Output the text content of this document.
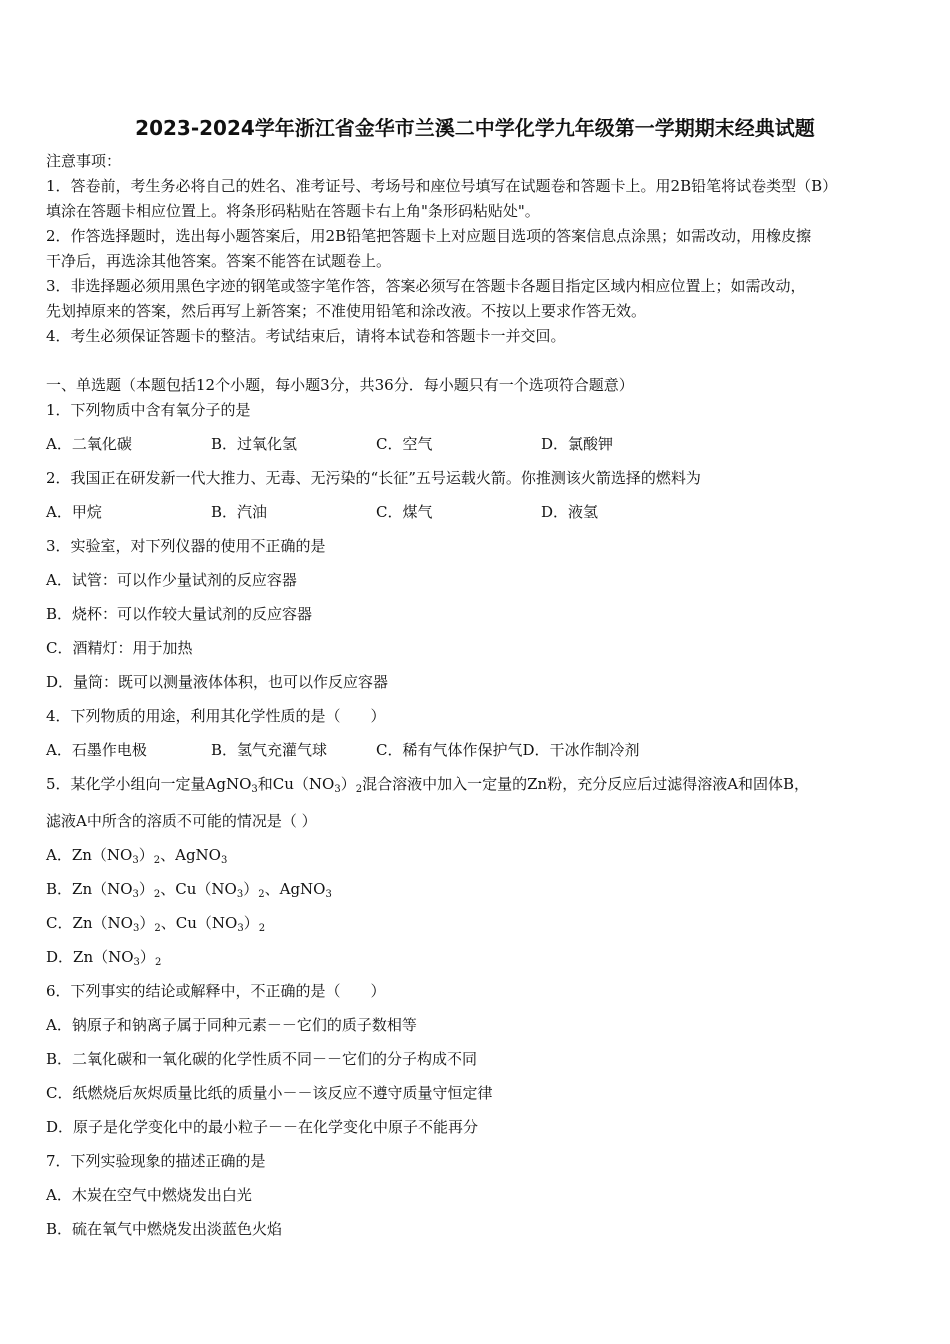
2023-2024学年浙江省金华市兰溪二中学化学九年级第一学期期末经典试题
注意事项：
1．答卷前，考生务必将自己的姓名、准考证号、考场号和座位号填写在试题卷和答题卡上。用2B铅笔将试卷类型（B）
填涂在答题卡相应位置上。将条形码粘贴在答题卡右上角"条形码粘贴处"。
2．作答选择题时，选出每小题答案后，用2B铅笔把答题卡上对应题目选项的答案信息点涂黑；如需改动，用橡皮擦
干净后，再选涂其他答案。答案不能答在试题卷上。
3．非选择题必须用黑色字迹的钢笔或签字笔作答，答案必须写在答题卡各题目指定区域内相应位置上；如需改动，
先划掉原来的答案，然后再写上新答案；不准使用铅笔和涂改液。不按以上要求作答无效。
4．考生必须保证答题卡的整洁。考试结束后，请将本试卷和答题卡一并交回。
一、单选题（本题包括12个小题，每小题3分，共36分．每小题只有一个选项符合题意）
1．下列物质中含有氧分子的是
A．二氧化碳	B．过氧化氢	C．空气	D．氯酸钾
2．我国正在研发新一代大推力、无毒、无污染的“长征”五号运载火箭。你推测该火箭选择的燃料为
A．甲烷	B．汽油	C．煤气	D．液氢
3．实验室，对下列仪器的使用不正确的是
A．试管：可以作少量试剂的反应容器
B．烧杯：可以作较大量试剂的反应容器
C．酒精灯：用于加热
D．量筒：既可以测量液体体积，也可以作反应容器
4．下列物质的用途，利用其化学性质的是（　　）
A．石墨作电极	B．氢气充灌气球	C．稀有气体作保护气D．干冰作制冷剂
5．某化学小组向一定量AgNO$_3$和$Cu(NO_3)_2$混合溶液中加入一定量的Zn粉，充分反应后过滤得溶液A和固体B，
滤液A中所含的溶质不可能的情况是（ ）
A．$Zn(NO_3)_2$、AgNO$_3$
B．$Zn(NO_3)_2$、$Cu(NO_3)_2$、AgNO$_3$
C．$Zn(NO_3)_2$、$Cu(NO_3)_2$
D．$Zn(NO_3)_2$
6．下列事实的结论或解释中，不正确的是（　　）
A．钠原子和钠离子属于同种元素－－它们的质子数相等
B．二氧化碳和一氧化碳的化学性质不同－－它们的分子构成不同
C．纸燃烧后灰烬质量比纸的质量小－－该反应不遵守质量守恒定律
D．原子是化学变化中的最小粒子－－在化学变化中原子不能再分
7．下列实验现象的描述正确的是
A．木炭在空气中燃烧发出白光
B．硫在氧气中燃烧发出淡蓝色火焰
